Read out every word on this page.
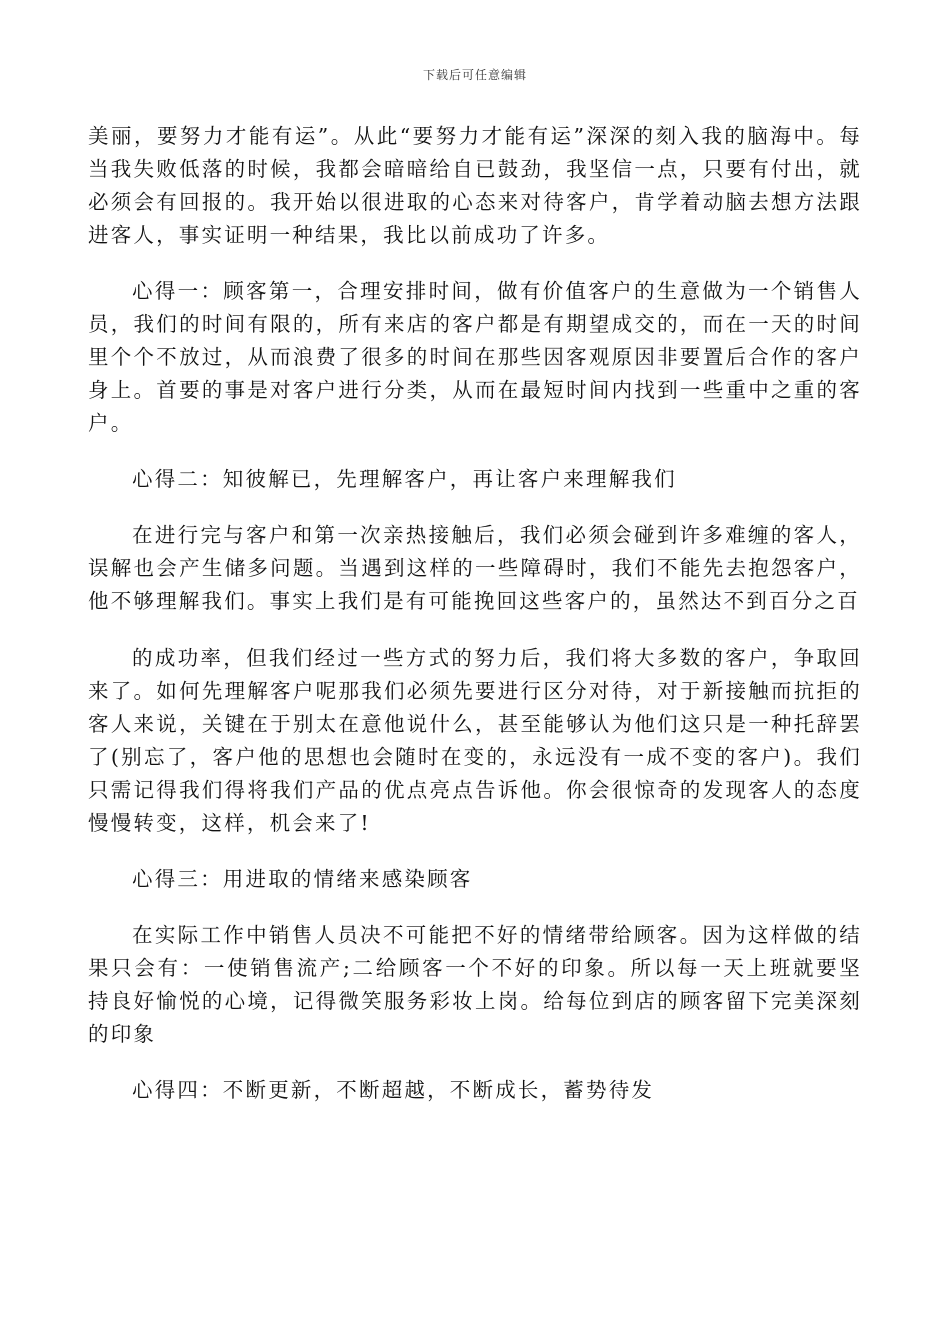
下载后可任意编辑

美丽，要努力才能有运”。从此“要努力才能有运”深深的刻入我的脑海中。每当我失败低落的时候，我都会暗暗给自已鼓劲，我坚信一点，只要有付出，就必须会有回报的。我开始以很进取的心态来对待客户，肯学着动脑去想方法跟进客人，事实证明一种结果，我比以前成功了许多。

心得一：顾客第一，合理安排时间，做有价值客户的生意做为一个销售人员，我们的时间有限的，所有来店的客户都是有期望成交的，而在一天的时间里个个不放过，从而浪费了很多的时间在那些因客观原因非要置后合作的客户身上。首要的事是对客户进行分类，从而在最短时间内找到一些重中之重的客户。

心得二：知彼解已，先理解客户，再让客户来理解我们

在进行完与客户和第一次亲热接触后，我们必须会碰到许多难缠的客人，误解也会产生储多问题。当遇到这样的一些障碍时，我们不能先去抱怨客户，他不够理解我们。事实上我们是有可能挽回这些客户的，虽然达不到百分之百

的成功率，但我们经过一些方式的努力后，我们将大多数的客户，争取回来了。如何先理解客户呢那我们必须先要进行区分对待，对于新接触而抗拒的客人来说，关键在于别太在意他说什么，甚至能够认为他们这只是一种托辞罢了(别忘了，客户他的思想也会随时在变的，永远没有一成不变的客户)。我们只需记得我们得将我们产品的优点亮点告诉他。你会很惊奇的发现客人的态度慢慢转变，这样，机会来了!

心得三：用进取的情绪来感染顾客

在实际工作中销售人员决不可能把不好的情绪带给顾客。因为这样做的结果只会有：一使销售流产;二给顾客一个不好的印象。所以每一天上班就要坚持良好愉悦的心境，记得微笑服务彩妆上岗。给每位到店的顾客留下完美深刻的印象

心得四：不断更新，不断超越，不断成长，蓄势待发
